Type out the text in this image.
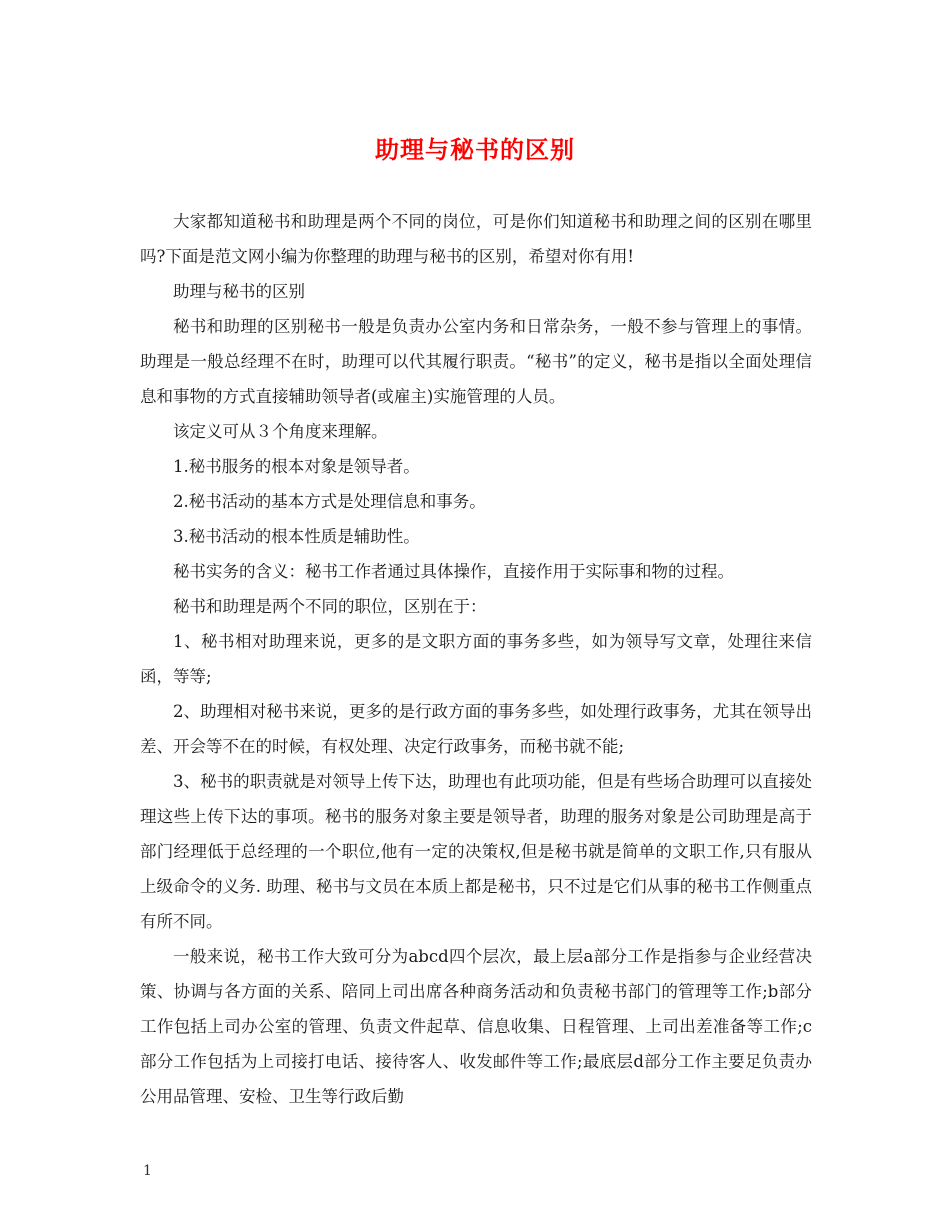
助理与秘书的区别

大家都知道秘书和助理是两个不同的岗位，可是你们知道秘书和助理之间的区别在哪里吗?下面是范文网小编为你整理的助理与秘书的区别，希望对你有用!

助理与秘书的区别

秘书和助理的区别秘书一般是负责办公室内务和日常杂务，一般不参与管理上的事情。助理是一般总经理不在时，助理可以代其履行职责。“秘书”的定义，秘书是指以全面处理信息和事物的方式直接辅助领导者(或雇主)实施管理的人员。

该定义可从３个角度来理解。

1.秘书服务的根本对象是领导者。

2.秘书活动的基本方式是处理信息和事务。

3.秘书活动的根本性质是辅助性。

秘书实务的含义：秘书工作者通过具体操作，直接作用于实际事和物的过程。

秘书和助理是两个不同的职位，区别在于：

1、秘书相对助理来说，更多的是文职方面的事务多些，如为领导写文章，处理往来信函，等等;

2、助理相对秘书来说，更多的是行政方面的事务多些，如处理行政事务，尤其在领导出差、开会等不在的时候，有权处理、决定行政事务，而秘书就不能;

3、秘书的职责就是对领导上传下达，助理也有此项功能，但是有些场合助理可以直接处理这些上传下达的事项。秘书的服务对象主要是领导者，助理的服务对象是公司助理是高于部门经理低于总经理的一个职位,他有一定的决策权,但是秘书就是简单的文职工作,只有服从上级命令的义务. 助理、秘书与文员在本质上都是秘书，只不过是它们从事的秘书工作侧重点有所不同。

一般来说，秘书工作大致可分为abcd四个层次，最上层a部分工作是指参与企业经营决策、协调与各方面的关系、陪同上司出席各种商务活动和负责秘书部门的管理等工作;b部分工作包括上司办公室的管理、负责文件起草、信息收集、日程管理、上司出差准备等工作;c部分工作包括为上司接打电话、接待客人、收发邮件等工作;最底层d部分工作主要足负责办公用品管理、安检、卫生等行政后勤

1
